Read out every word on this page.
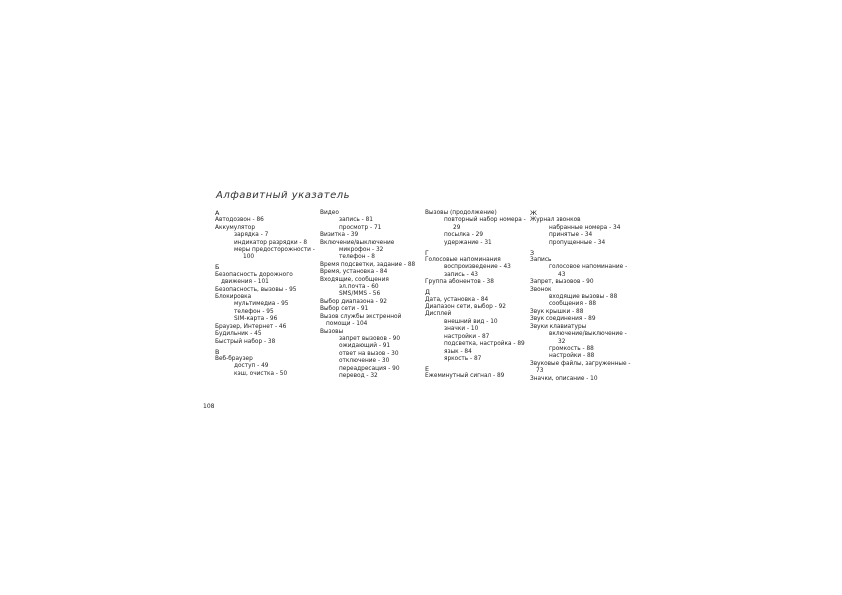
Алфавитный указатель
А
Автодозвон - 86
Аккумулятор
зарядка - 7
индикатор разрядки - 8
меры предосторожности -
100
Б
Безопасность дорожного
движения - 101
Безопасность, вызовы - 95
Блокировка
мультимедиа - 95
телефон - 95
SIM-карта - 96
Браузер, Интернет - 46
Будильник - 45
Быстрый набор - 38
В
Веб-браузер
доступ - 49
кэш, очистка - 50
Видео
запись - 81
просмотр - 71
Визитка - 39
Включение/выключение
микрофон - 32
телефон - 8
Время подсветки, задание - 88
Время, установка - 84
Входящие, сообщения
эл.почта - 60
SMS/MMS - 56
Выбор диапазона - 92
Выбор сети - 91
Вызов службы экстренной
помощи - 104
Вызовы
запрет вызовов - 90
ожидающий - 91
ответ на вызов - 30
отключение - 30
переадресация - 90
перевод - 32
Вызовы (продолжение)
повторный набор номера -
29
посылка - 29
удержание - 31
Г
Голосовые напоминания
воспроизведение - 43
запись - 43
Группа абонентов - 38
Д
Дата, установка - 84
Диапазон сети, выбор - 92
Дисплей
внешний вид - 10
значки - 10
настройки - 87
подсветка, настройка - 89
язык - 84
яркость - 87
Е
Ежеминутный сигнал - 89
Ж
Журнал звонков
набранные номера - 34
принятые - 34
пропущенные - 34
З
Запись
голосовое напоминание -
43
Запрет, вызовов - 90
Звонок
входящие вызовы - 88
сообщения - 88
Звук крышки - 88
Звук соединения - 89
Звуки клавиатуры
включение/выключение -
32
громкость - 88
настройки - 88
Звуковые файлы, загруженные -
73
Значки, описание - 10
108
